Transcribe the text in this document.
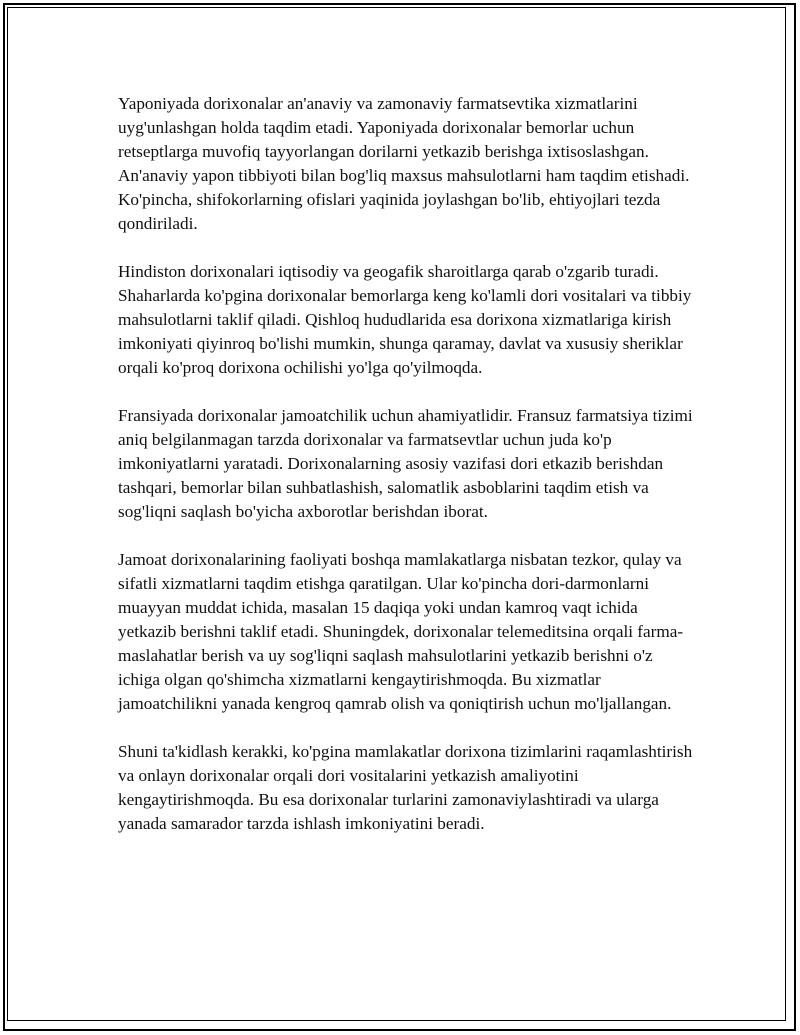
Yaponiyada dorixonalar an'anaviy va zamonaviy farmatsevtika xizmatlarini uyg'unlashgan holda taqdim etadi. Yaponiyada dorixonalar bemorlar uchun retseptlarga muvofiq tayyorlangan dorilarni yetkazib berishga ixtisoslashgan. An'anaviy yapon tibbiyoti bilan bog'liq maxsus mahsulotlarni ham taqdim etishadi. Ko'pincha, shifokorlarning ofislari yaqinida joylashgan bo'lib, ehtiyojlari tezda qondiriladi.

Hindiston dorixonalari iqtisodiy va geogafik sharoitlarga qarab o'zgarib turadi. Shaharlarda ko'pgina dorixonalar bemorlarga keng ko'lamli dori vositalari va tibbiy mahsulotlarni taklif qiladi. Qishloq hududlarida esa dorixona xizmatlariga kirish imkoniyati qiyinroq bo'lishi mumkin, shunga qaramay, davlat va xususiy sheriklar orqali ko'proq dorixona ochilishi yo'lga qo'yilmoqda.

Fransiyada dorixonalar jamoatchilik uchun ahamiyatlidir. Fransuz farmatsiya tizimi aniq belgilanmagan tarzda dorixonalar va farmatsevtlar uchun juda ko'p imkoniyatlarni yaratadi. Dorixonalarning asosiy vazifasi dori etkazib berishdan tashqari, bemorlar bilan suhbatlashish, salomatlik asboblarini taqdim etish va sog'liqni saqlash bo'yicha axborotlar berishdan iborat.

Jamoat dorixonalarining faoliyati boshqa mamlakatlarga nisbatan tezkor, qulay va sifatli xizmatlarni taqdim etishga qaratilgan. Ular ko'pincha dori-darmonlarni muayyan muddat ichida, masalan 15 daqiqa yoki undan kamroq vaqt ichida yetkazib berishni taklif etadi. Shuningdek, dorixonalar telemeditsina orqali farma-maslahatlar berish va uy sog'liqni saqlash mahsulotlarini yetkazib berishni o'z ichiga olgan qo'shimcha xizmatlarni kengaytirishmoqda. Bu xizmatlar jamoatchilikni yanada kengroq qamrab olish va qoniqtirish uchun mo'ljallangan.

Shuni ta'kidlash kerakki, ko'pgina mamlakatlar dorixona tizimlarini raqamlashtirish va onlayn dorixonalar orqali dori vositalarini yetkazish amaliyotini kengaytirishmoqda. Bu esa dorixonalar turlarini zamonaviylashtiradi va ularga yanada samarador tarzda ishlash imkoniyatini beradi.
